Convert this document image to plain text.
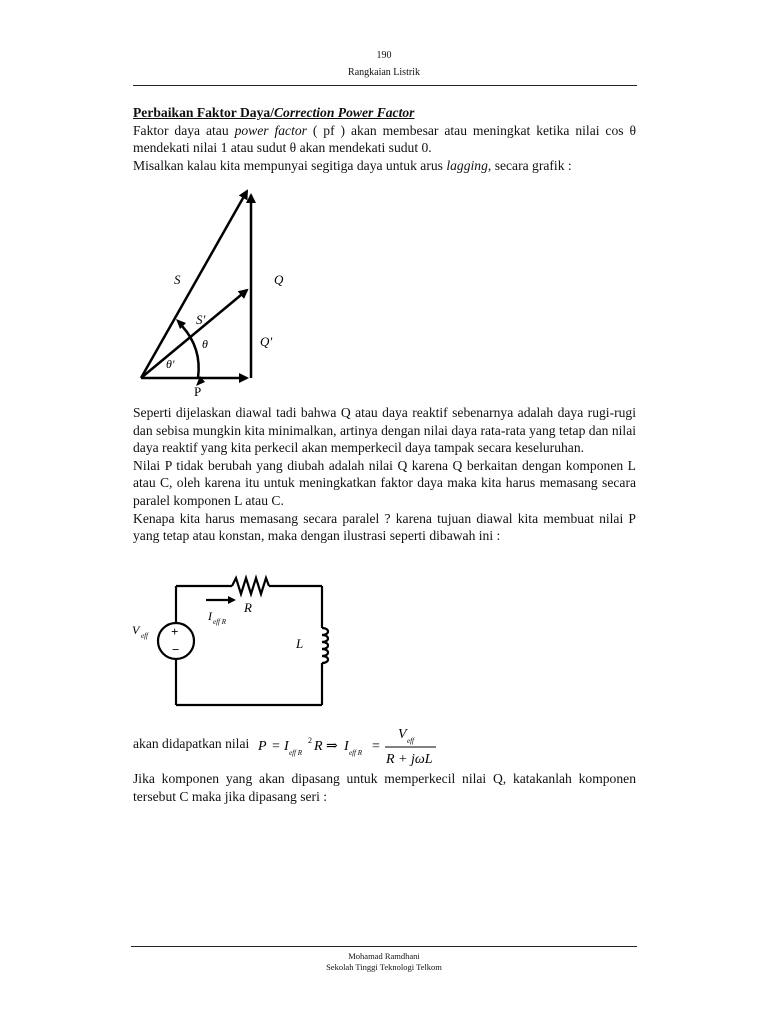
190
Rangkaian Listrik

Perbaikan Faktor Daya/Correction Power Factor

Faktor daya atau power factor ( pf ) akan membesar atau meningkat ketika nilai cos θ mendekati nilai 1 atau sudut θ akan mendekati sudut 0.

Misalkan kalau kita mempunyai segitiga daya untuk arus lagging, secara grafik :

S	Q
S'
Q'
θ
θ'
P

Seperti dijelaskan diawal tadi bahwa Q atau daya reaktif sebenarnya adalah daya rugi-rugi dan sebisa mungkin kita minimalkan, artinya dengan nilai daya rata-rata yang tetap dan nilai daya reaktif yang kita perkecil akan memperkecil daya tampak secara keseluruhan.

Nilai P tidak berubah yang diubah adalah nilai Q karena Q berkaitan dengan komponen L atau C, oleh karena itu untuk meningkatkan faktor daya maka kita harus memasang secara paralel komponen L atau C.

Kenapa kita harus memasang secara paralel ? karena tujuan diawal kita membuat nilai P yang tetap atau konstan, maka dengan ilustrasi seperti dibawah ini :

+
−
V eff
I eff R
R
L
akan didapatkan nilai P = I eff R
2 R ⇒ I eff R =
V eff
R + jωL

Jika komponen yang akan dipasang untuk memperkecil nilai Q, katakanlah komponen tersebut C maka jika dipasang seri :

Mohamad Ramdhani
Sekolah Tinggi Teknologi Telkom
